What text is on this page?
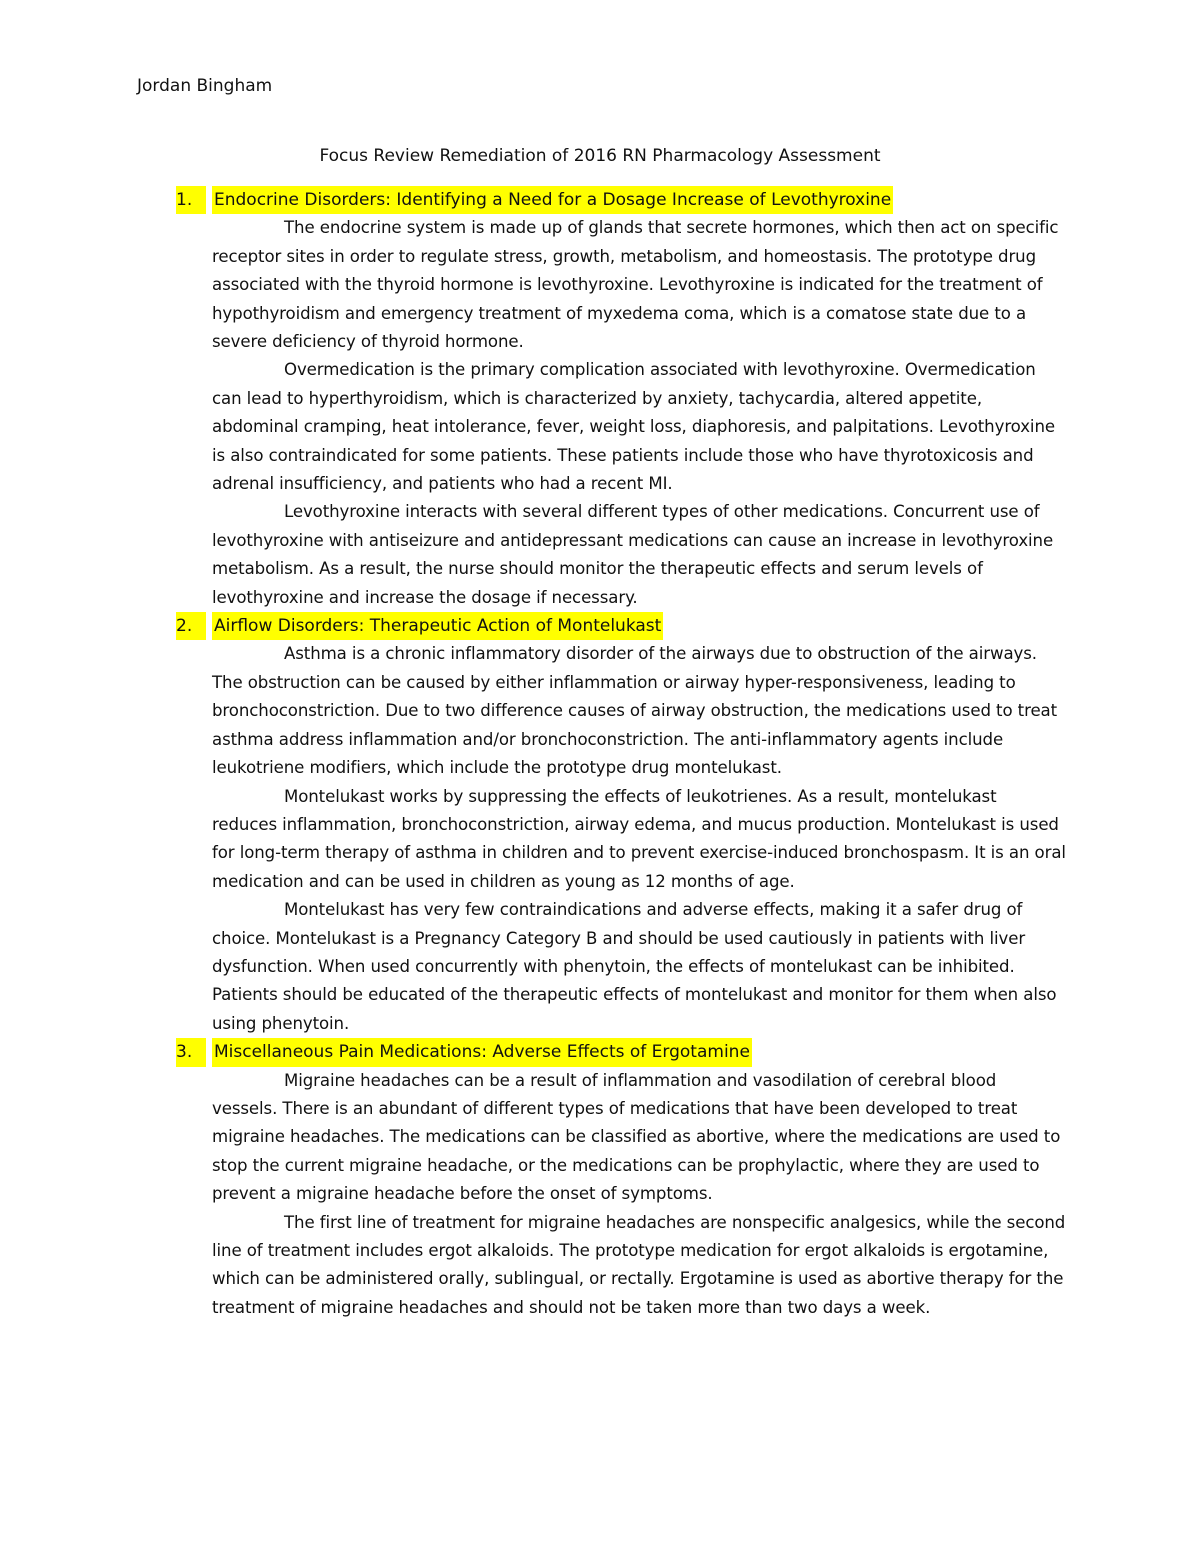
Jordan Bingham
Focus Review Remediation of 2016 RN Pharmacology Assessment
1.	Endocrine Disorders: Identifying a Need for a Dosage Increase of Levothyroxine

The endocrine system is made up of glands that secrete hormones, which then act on specific receptor sites in order to regulate stress, growth, metabolism, and homeostasis. The prototype drug associated with the thyroid hormone is levothyroxine. Levothyroxine is indicated for the treatment of hypothyroidism and emergency treatment of myxedema coma, which is a comatose state due to a severe deficiency of thyroid hormone.

Overmedication is the primary complication associated with levothyroxine. Overmedication can lead to hyperthyroidism, which is characterized by anxiety, tachycardia, altered appetite, abdominal cramping, heat intolerance, fever, weight loss, diaphoresis, and palpitations. Levothyroxine is also contraindicated for some patients. These patients include those who have thyrotoxicosis and adrenal insufficiency, and patients who had a recent MI.

Levothyroxine interacts with several different types of other medications. Concurrent use of levothyroxine with antiseizure and antidepressant medications can cause an increase in levothyroxine metabolism. As a result, the nurse should monitor the therapeutic effects and serum levels of levothyroxine and increase the dosage if necessary.

2.	Airflow Disorders: Therapeutic Action of Montelukast

Asthma is a chronic inflammatory disorder of the airways due to obstruction of the airways. The obstruction can be caused by either inflammation or airway hyper-responsiveness, leading to bronchoconstriction. Due to two difference causes of airway obstruction, the medications used to treat asthma address inflammation and/or bronchoconstriction. The anti-inflammatory agents include leukotriene modifiers, which include the prototype drug montelukast.

Montelukast works by suppressing the effects of leukotrienes. As a result, montelukast reduces inflammation, bronchoconstriction, airway edema, and mucus production. Montelukast is used for long-term therapy of asthma in children and to prevent exercise-induced bronchospasm. It is an oral medication and can be used in children as young as 12 months of age.

Montelukast has very few contraindications and adverse effects, making it a safer drug of choice. Montelukast is a Pregnancy Category B and should be used cautiously in patients with liver dysfunction. When used concurrently with phenytoin, the effects of montelukast can be inhibited. Patients should be educated of the therapeutic effects of montelukast and monitor for them when also using phenytoin.

3.	Miscellaneous Pain Medications: Adverse Effects of Ergotamine

Migraine headaches can be a result of inflammation and vasodilation of cerebral blood vessels. There is an abundant of different types of medications that have been developed to treat migraine headaches. The medications can be classified as abortive, where the medications are used to stop the current migraine headache, or the medications can be prophylactic, where they are used to prevent a migraine headache before the onset of symptoms.

The first line of treatment for migraine headaches are nonspecific analgesics, while the second line of treatment includes ergot alkaloids. The prototype medication for ergot alkaloids is ergotamine, which can be administered orally, sublingual, or rectally. Ergotamine is used as abortive therapy for the treatment of migraine headaches and should not be taken more than two days a week.
